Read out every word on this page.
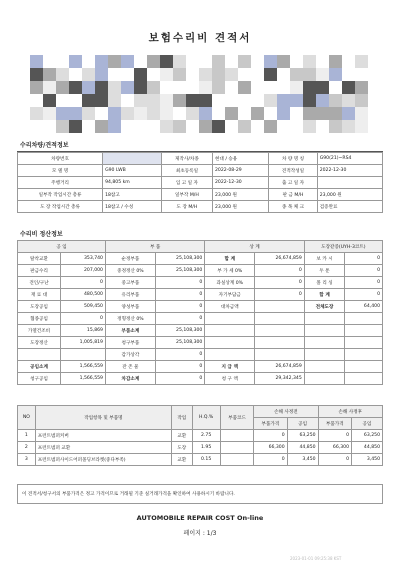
보험수리비 견적서
수리차량/견적정보
차량번호		제작사/차종	현대 / 승용	차 량 명 칭	G90(21)~RS4
모 델 명	G90 LWB	최초등록일	2022-08-29	견적작성일	2022-12-30
주행거리	94,805 km	입 고 일 자	2022-12-30	출 고 일 자	
일부작 작업시간 총류	18참고	일부작 M/H	23,000 원	판 금 M/H	23,000 원
도 장 작업시간 총류	18참고 / 수성	도 장 M/H	23,000 원	종 목 체 크	검증완료
수리비 정산정보
공 임		부 품		상 계		도장같증(UYH-3코트)	
탈착교환	353,740	순정부품	25,108,300	합 계	26,674,859	보 카 시	0
판금수리	207,000	중정정산 0%	25,108,300	부 가 세 0%	0	두 툰	0
견인/구난	0	중고부품	0	과실상계 0%	0	폴 리 싱	0
재 료 대	480,500	유리부품	0	자기부담금	0	합 계	0
도장공임	509,450	양성부품	0	대차금액		전체도장	64,400
협종공임	0	정형정산 0%	0				
가열건조비	15,869	부품소계	25,108,300				
도장정산	1,005,819	청구부품	25,108,300				
		감가상각	0				
공임소계	1,566,559	잔 존 물	0	지 급 액	26,674,859		
청구공임	1,566,559	차감소계	0	청 구 액	29,342,345		
NO	작업항목 및 부품명	작업	H.Q.%	부품코드	손해 사정전		손해 사정후	
					부품가격	공임	부품가격	공임
1	프런트범퍼커버	교환	2.75		0	63,250	0	63,250
2	프런트범퍼 교환	도장	1.95		66,300	44,850	66,300	44,850
3	프런트범퍼사이드어퍼몰딩브라켓(중다부족)	교환	0.15		0	3,450	0	3,450
이 견적서/청구서의 부품가격은 정고 가격이므로 거래될 기준 실거래가격을 확인하여 사용하시기 바랍니다.
AUTOMOBILE REPAIR COST On-line
페이지 : 1/3
2023-01-01 09:25:38 KST
